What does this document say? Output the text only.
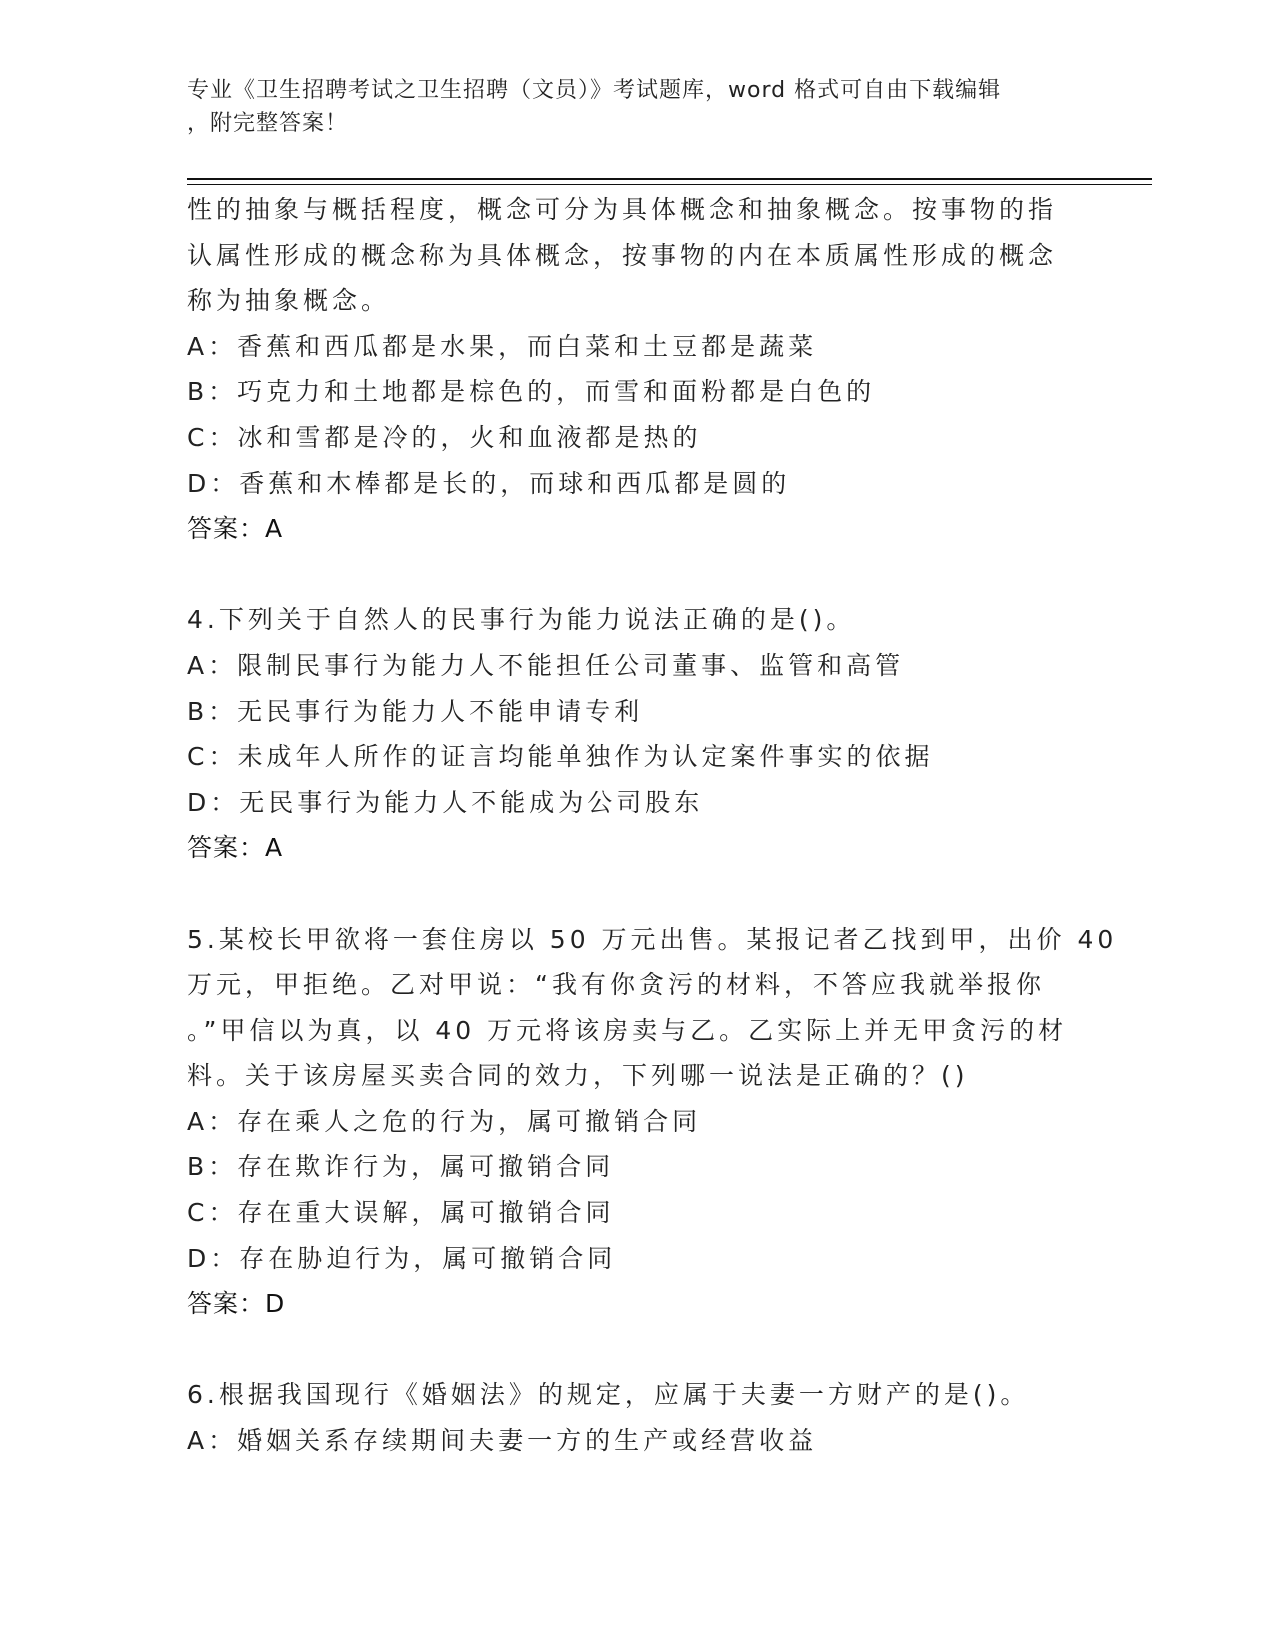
专业《卫生招聘考试之卫生招聘（文员）》考试题库，word 格式可自由下载编辑
，附完整答案！
性的抽象与概括程度，概念可分为具体概念和抽象概念。按事物的指
认属性形成的概念称为具体概念，按事物的内在本质属性形成的概念
称为抽象概念。
A：香蕉和西瓜都是水果，而白菜和土豆都是蔬菜
B：巧克力和土地都是棕色的，而雪和面粉都是白色的
C：冰和雪都是冷的，火和血液都是热的
D：香蕉和木棒都是长的，而球和西瓜都是圆的
答案：A
4.下列关于自然人的民事行为能力说法正确的是()。
A：限制民事行为能力人不能担任公司董事、监管和高管
B：无民事行为能力人不能申请专利
C：未成年人所作的证言均能单独作为认定案件事实的依据
D：无民事行为能力人不能成为公司股东
答案：A
5.某校长甲欲将一套住房以 50 万元出售。某报记者乙找到甲，出价 40
万元，甲拒绝。乙对甲说：“我有你贪污的材料，不答应我就举报你
。”甲信以为真，以 40 万元将该房卖与乙。乙实际上并无甲贪污的材
料。关于该房屋买卖合同的效力，下列哪一说法是正确的？()
A：存在乘人之危的行为，属可撤销合同
B：存在欺诈行为，属可撤销合同
C：存在重大误解，属可撤销合同
D：存在胁迫行为，属可撤销合同
答案：D
6.根据我国现行《婚姻法》的规定，应属于夫妻一方财产的是()。
A：婚姻关系存续期间夫妻一方的生产或经营收益
